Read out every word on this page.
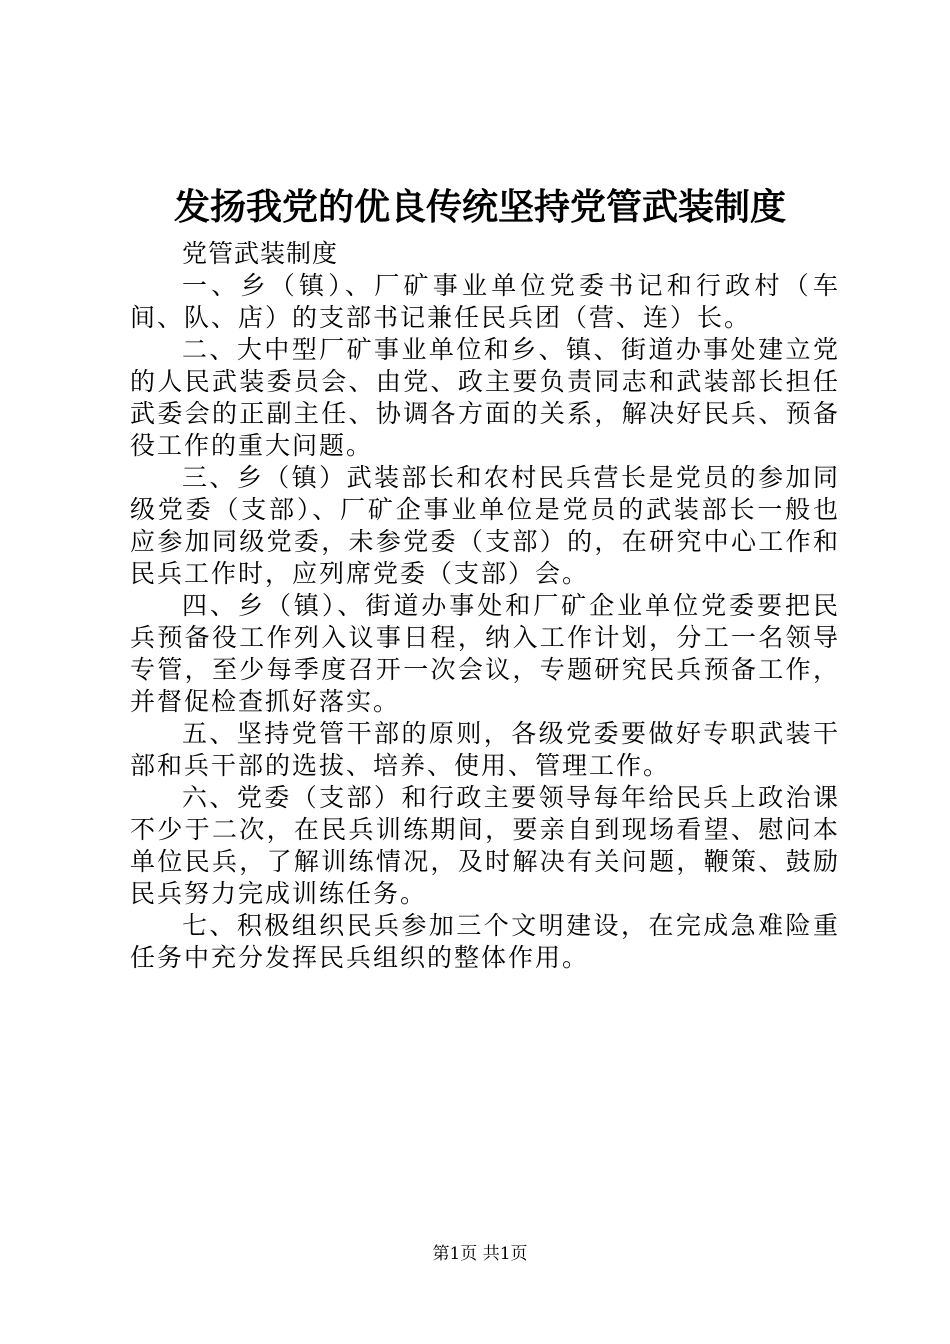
发扬我党的优良传统坚持党管武装制度

党管武装制度

一、乡（镇）、厂矿事业单位党委书记和行政村（车间、队、店）的支部书记兼任民兵团（营、连）长。

二、大中型厂矿事业单位和乡、镇、街道办事处建立党的人民武装委员会、由党、政主要负责同志和武装部长担任武委会的正副主任、协调各方面的关系，解决好民兵、预备役工作的重大问题。

三、乡（镇）武装部长和农村民兵营长是党员的参加同级党委（支部）、厂矿企事业单位是党员的武装部长一般也应参加同级党委，未参党委（支部）的，在研究中心工作和民兵工作时，应列席党委（支部）会。

四、乡（镇）、街道办事处和厂矿企业单位党委要把民兵预备役工作列入议事日程，纳入工作计划，分工一名领导专管，至少每季度召开一次会议，专题研究民兵预备工作，并督促检查抓好落实。

五、坚持党管干部的原则，各级党委要做好专职武装干部和兵干部的选拔、培养、使用、管理工作。

六、党委（支部）和行政主要领导每年给民兵上政治课不少于二次，在民兵训练期间，要亲自到现场看望、慰问本单位民兵，了解训练情况，及时解决有关问题，鞭策、鼓励民兵努力完成训练任务。

七、积极组织民兵参加三个文明建设，在完成急难险重任务中充分发挥民兵组织的整体作用。

第1页 共1页
